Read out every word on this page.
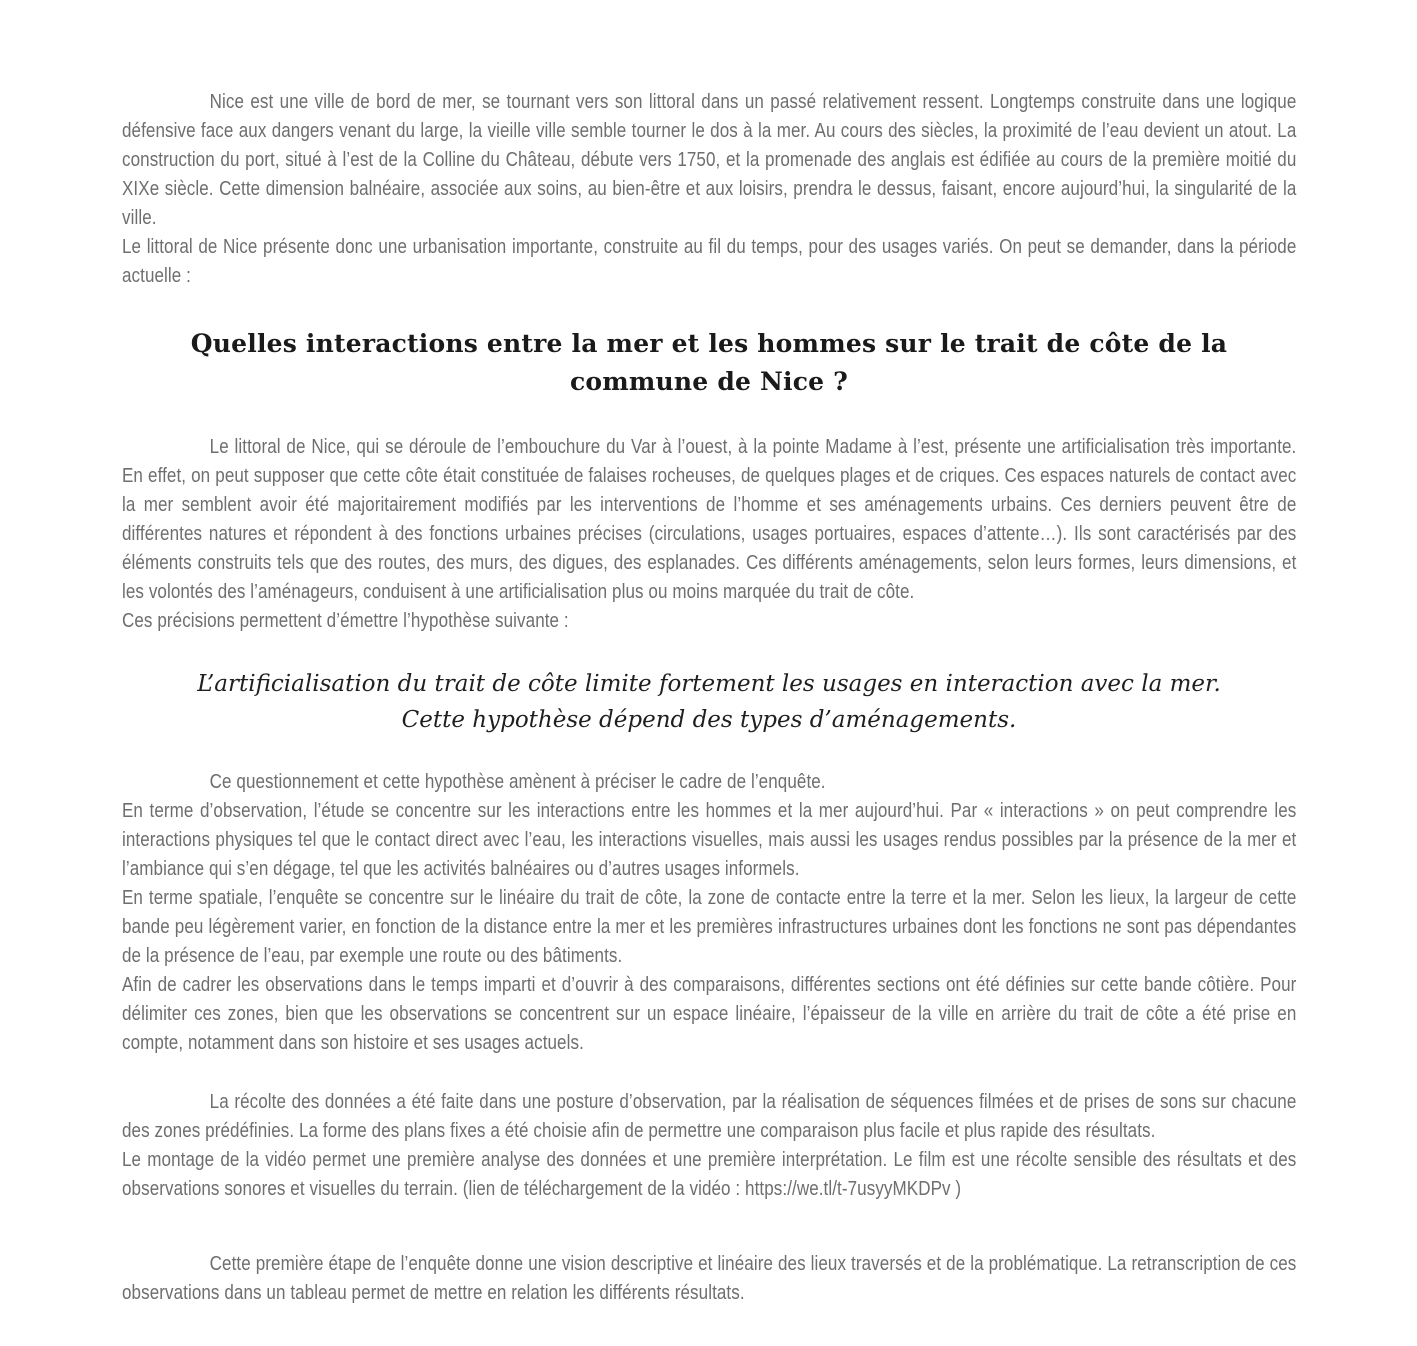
Nice est une ville de bord de mer, se tournant vers son littoral dans un passé relativement ressent. Longtemps construite dans une logique défensive face aux dangers venant du large, la vieille ville semble tourner le dos à la mer. Au cours des siècles, la proximité de l’eau devient un atout. La construction du port, situé à l’est de la Colline du Château, débute vers 1750, et la promenade des anglais est édifiée au cours de la première moitié du XIXe siècle. Cette dimension balnéaire, associée aux soins, au bien-être et aux loisirs, prendra le dessus, faisant, encore aujourd’hui, la singularité de la ville.

Le littoral de Nice présente donc une urbanisation importante, construite au fil du temps, pour des usages variés. On peut se demander, dans la période actuelle :

Quelles interactions entre la mer et les hommes sur le trait de côte de la commune de Nice ?

Le littoral de Nice, qui se déroule de l’embouchure du Var à l’ouest, à la pointe Madame à l’est, présente une artificialisation très importante. En effet, on peut supposer que cette côte était constituée de falaises rocheuses, de quelques plages et de criques. Ces espaces naturels de contact avec la mer semblent avoir été majoritairement modifiés par les interventions de l’homme et ses aménagements urbains. Ces derniers peuvent être de différentes natures et répondent à des fonctions urbaines précises (circulations, usages portuaires, espaces d’attente…). Ils sont caractérisés par des éléments construits tels que des routes, des murs, des digues, des esplanades. Ces différents aménagements, selon leurs formes, leurs dimensions, et les volontés des l’aménageurs, conduisent à une artificialisation plus ou moins marquée du trait de côte.

Ces précisions permettent d’émettre l’hypothèse suivante :

L’artificialisation du trait de côte limite fortement les usages en interaction avec la mer.
Cette hypothèse dépend des types d’aménagements.

Ce questionnement et cette hypothèse amènent à préciser le cadre de l’enquête.

En terme d’observation, l’étude se concentre sur les interactions entre les hommes et la mer aujourd’hui. Par « interactions » on peut comprendre les interactions physiques tel que le contact direct avec l’eau, les interactions visuelles, mais aussi les usages rendus possibles par la présence de la mer et l’ambiance qui s’en dégage, tel que les activités balnéaires ou d’autres usages informels.

En terme spatiale, l’enquête se concentre sur le linéaire du trait de côte, la zone de contacte entre la terre et la mer. Selon les lieux, la largeur de cette bande peu légèrement varier, en fonction de la distance entre la mer et les premières infrastructures urbaines dont les fonctions ne sont pas dépendantes de la présence de l’eau, par exemple une route ou des bâtiments.

Afin de cadrer les observations dans le temps imparti et d’ouvrir à des comparaisons, différentes sections ont été définies sur cette bande côtière. Pour délimiter ces zones, bien que les observations se concentrent sur un espace linéaire, l’épaisseur de la ville en arrière du trait de côte a été prise en compte, notamment dans son histoire et ses usages actuels.

La récolte des données a été faite dans une posture d’observation, par la réalisation de séquences filmées et de prises de sons sur chacune des zones prédéfinies. La forme des plans fixes a été choisie afin de permettre une comparaison plus facile et plus rapide des résultats.

Le montage de la vidéo permet une première analyse des données et une première interprétation. Le film est une récolte sensible des résultats et des observations sonores et visuelles du terrain. (lien de téléchargement de la vidéo : https://we.tl/t-7usyyMKDPv )

Cette première étape de l’enquête donne une vision descriptive et linéaire des lieux traversés et de la problématique. La retranscription de ces observations dans un tableau permet de mettre en relation les différents résultats.
